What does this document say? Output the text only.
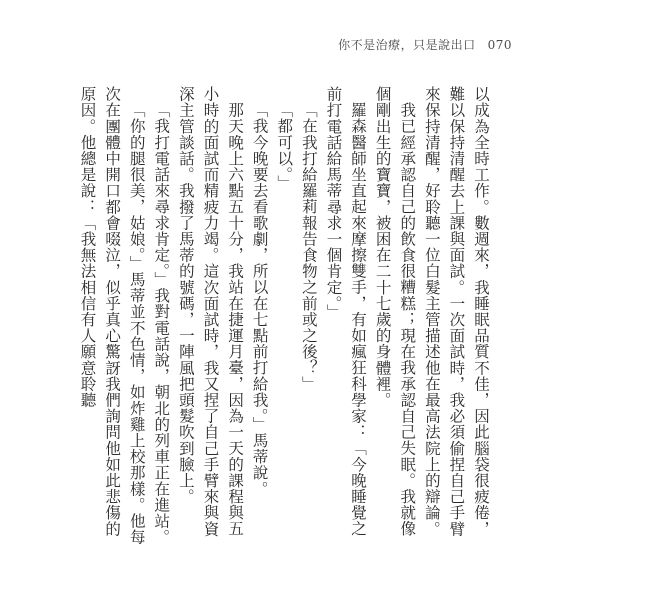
你不是治療，只是說出口 070

以成為全時工作。數週來，我睡眠品質不佳，因此腦袋很疲倦，難以保持清醒去上課與面試。一次面試時，我必須偷捏自己手臂來保持清醒，好聆聽一位白髮主管描述他在最高法院上的辯論。

我已經承認自己的飲食很糟糕；現在我承認自己失眠。我就像個剛出生的寶寶，被困在二十七歲的身體裡。

羅森醫師坐直起來摩擦雙手，有如瘋狂科學家：「今晚睡覺之前打電話給馬蒂尋求一個肯定。」

「在我打給羅莉報告食物之前或之後？」

「都可以。」

「我今晚要去看歌劇，所以在七點前打給我。」馬蒂說。

那天晚上六點五十分，我站在捷運月臺，因為一天的課程與五小時的面試而精疲力竭。這次面試時，我又捏了自己手臂來與資深主管談話。我撥了馬蒂的號碼，一陣風把頭髮吹到臉上。

「我打電話來尋求肯定。」我對電話說，朝北的列車正在進站。

「你的腿很美，姑娘。」馬蒂並不色情，如炸雞上校那樣。他每次在團體中開口都會啜泣，似乎真心驚訝我們詢問他如此悲傷的原因。他總是說：「我無法相信有人願意聆聽
